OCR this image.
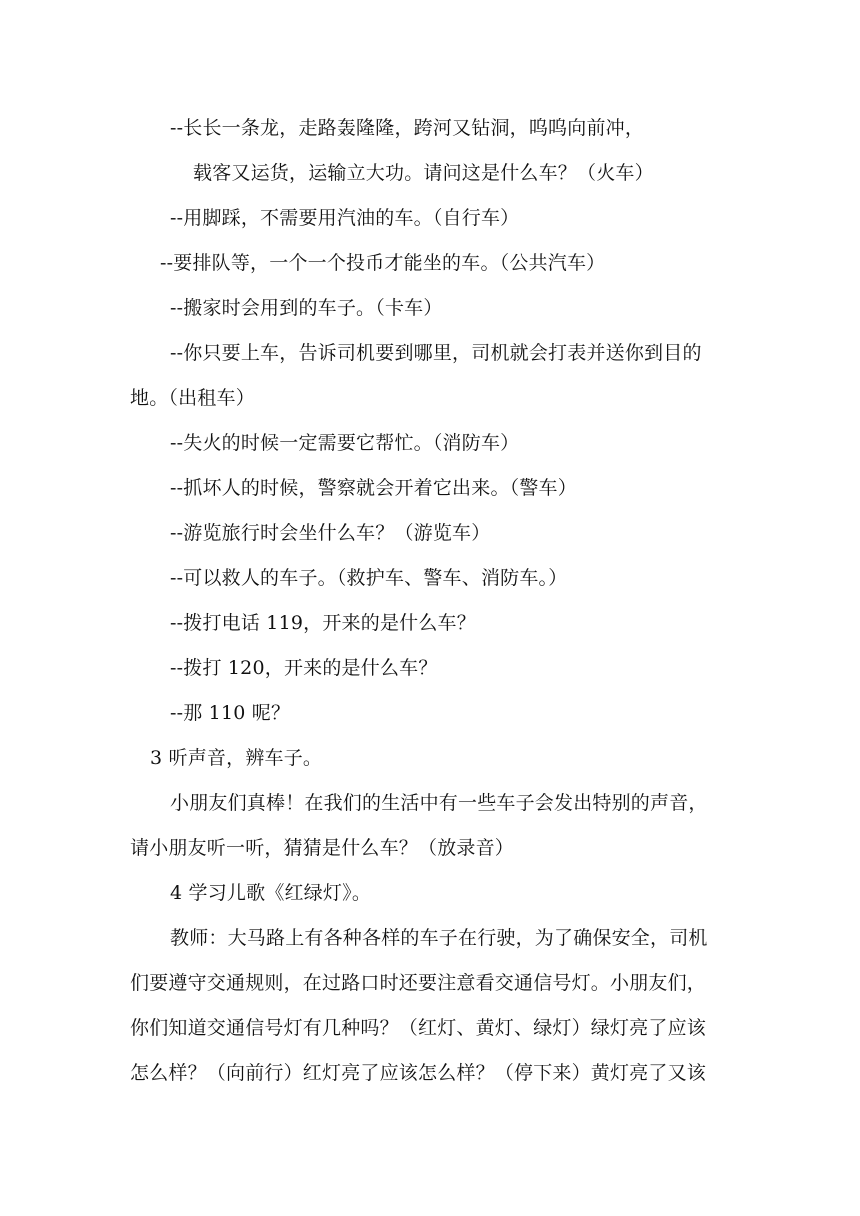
--长长一条龙，走路轰隆隆，跨河又钻洞，呜呜向前冲，
载客又运货，运输立大功。请问这是什么车？（火车）
--用脚踩，不需要用汽油的车。（自行车）
--要排队等，一个一个投币才能坐的车。（公共汽车）
--搬家时会用到的车子。（卡车）
--你只要上车，告诉司机要到哪里，司机就会打表并送你到目的
地。（出租车）
--失火的时候一定需要它帮忙。（消防车）
--抓坏人的时候，警察就会开着它出来。（警车）
--游览旅行时会坐什么车？（游览车）
--可以救人的车子。（救护车、警车、消防车。）
--拨打电话 119，开来的是什么车？
--拨打 120，开来的是什么车？
--那 110 呢？
3 听声音，辨车子。
小朋友们真棒！在我们的生活中有一些车子会发出特别的声音，
请小朋友听一听，猜猜是什么车？（放录音）
4 学习儿歌《红绿灯》。
教师：大马路上有各种各样的车子在行驶，为了确保安全，司机
们要遵守交通规则，在过路口时还要注意看交通信号灯。小朋友们，
你们知道交通信号灯有几种吗？（红灯、黄灯、绿灯）绿灯亮了应该
怎么样？（向前行）红灯亮了应该怎么样？（停下来）黄灯亮了又该
